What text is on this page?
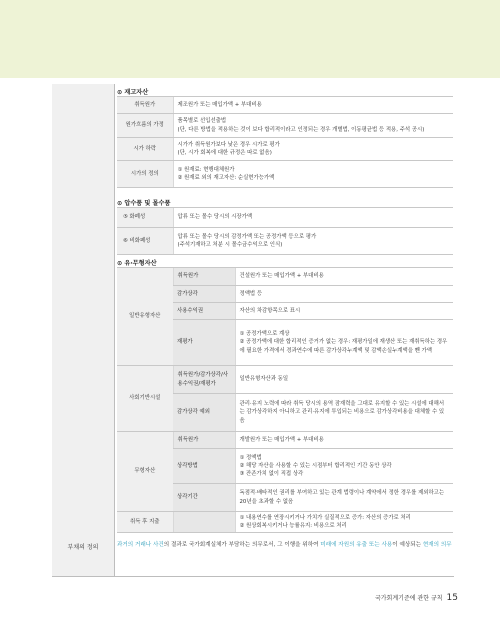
⊙ 재고자산
취득원가	제조원가 또는 매입가액 + 부대비용
원가흐름의 가정	품목별로 선입선출법
(단, 다른 방법을 적용하는 것이 보다 합리적이라고 인정되는 경우 개별법, 이동평균법 등 적용, 주석 공시)
시가 하락	시가가 취득원가보다 낮은 경우 시가로 평가
(단, 시가 회복에 대한 규정은 따로 없음)
시가의 정의	① 원재료: 현행대체원가
② 원재료 외의 재고자산: 순실현가능가액
⊙ 압수품 및 몰수품
⑤ 화폐성	압류 또는 몰수 당시의 시장가액
⑥ 비화폐성	압류 또는 몰수 당시의 감정가액 또는 공정가액 등으로 평가
(주석기재하고 처분 시 몰수금수익으로 인식)
⊙ 유·무형자산
일반유형자산	취득원가	건설원가 또는 매입가액 + 부대비용
	감가상각	정액법 등
	사용수익권	자산의 차감항목으로 표시
	재평가	① 공정가액으로 계상
② 공정가액에 대한 합리적인 증거가 없는 경우: 재평가일에 재생산 또는 재취득하는 경우에 필요한 가격에서 경과연수에 따른 감가상각누계액 및 감액손실누계액을 뺀 가액
사회기반시설	취득원가/감가상각/사용수익권/재평가	일반유형자산과 동일
	감가상각 예외	관리·유지 노력에 따라 취득 당시의 용역 잠재력을 그대로 유지할 수 있는 시설에 대해서는 감가상각하지 아니하고 관리·유지에 투입되는 비용으로 감가상각비용을 대체할 수 있음
무형자산	취득원가	개발원가 또는 매입가액 + 부대비용
	상각방법	① 정액법
② 해당 자산을 사용할 수 있는 시점부터 합리적인 기간 동안 상각
③ 잔존가치 없이 직접 상각
	상각기간	독점적·배타적인 권리를 부여하고 있는 관계 법령이나 계약에서 정한 경우를 제외하고는 20년을 초과할 수 없음
취득 후 지출		① 내용연수를 연장시키거나 가치가 실질적으로 증가: 자산의 증가로 처리
② 원상회복시키거나 능률유지: 비용으로 처리
부채의 정의	과거의 거래나 사건의 결과로 국가회계실체가 부담하는 의무로서, 그 이행을 위하여 미래에 자원의 유출 또는 사용이 예상되는 현재의 의무
국가회계기준에 관한 규칙 15
